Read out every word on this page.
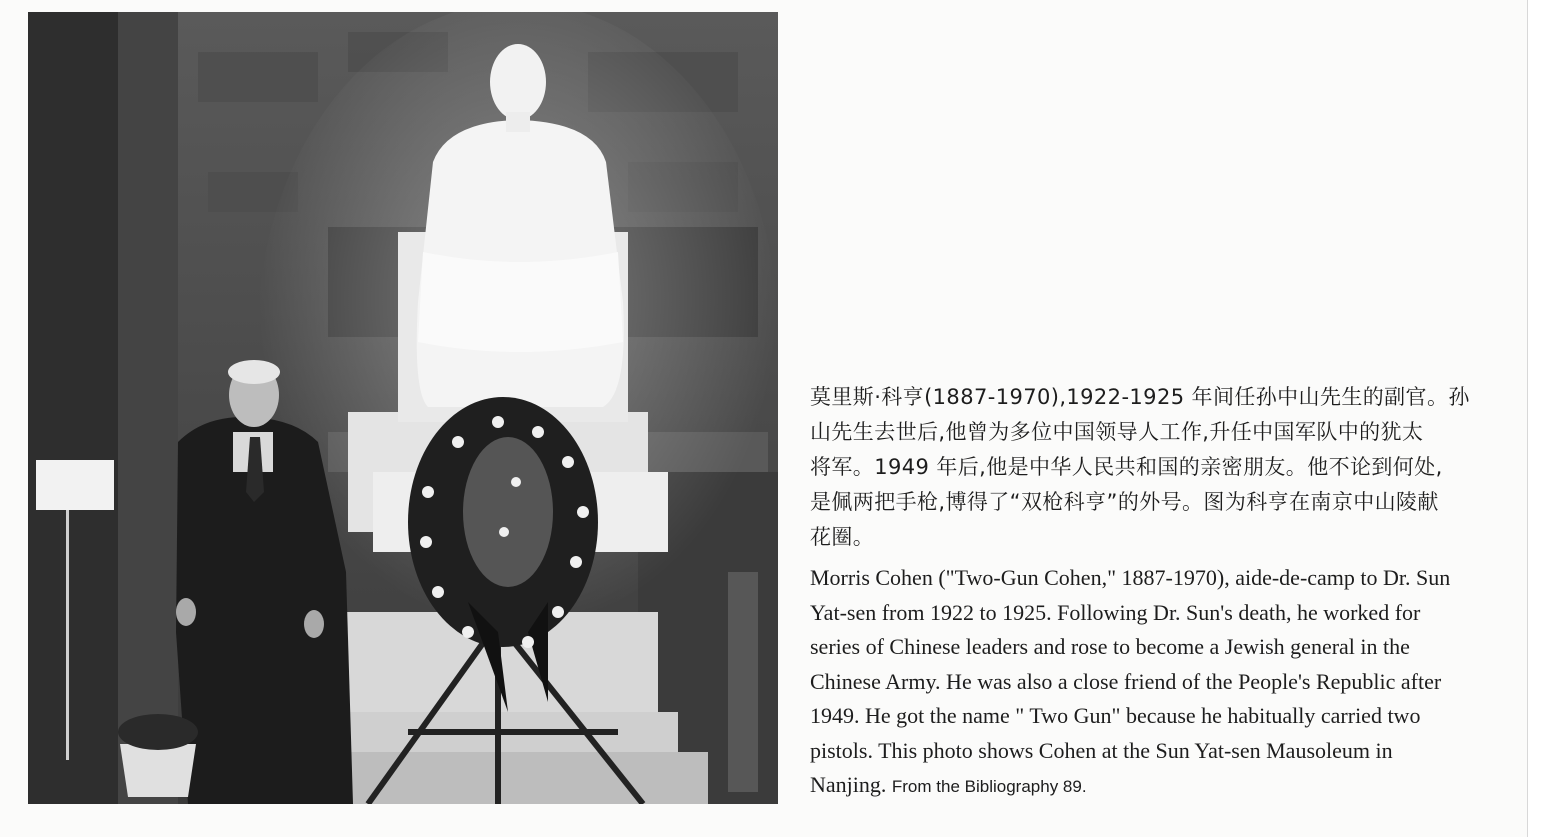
莫里斯·科亨(1887-1970),1922-1925 年间任孙中山先生的副官。孙

山先生去世后,他曾为多位中国领导人工作,升任中国军队中的犹太

将军。1949 年后,他是中华人民共和国的亲密朋友。他不论到何处,

是佩两把手枪,博得了“双枪科亨”的外号。图为科亨在南京中山陵献

花圈。

Morris Cohen ("Two-Gun Cohen," 1887-1970), aide-de-camp to Dr. Sun

Yat-sen from 1922 to 1925. Following Dr. Sun's death, he worked for

series of Chinese leaders and rose to become a Jewish general in the

Chinese Army. He was also a close friend of the People's Republic after

1949. He got the name " Two Gun" because he habitually carried two

pistols. This photo shows Cohen at the Sun Yat-sen Mausoleum in

Nanjing. From the Bibliography 89.
